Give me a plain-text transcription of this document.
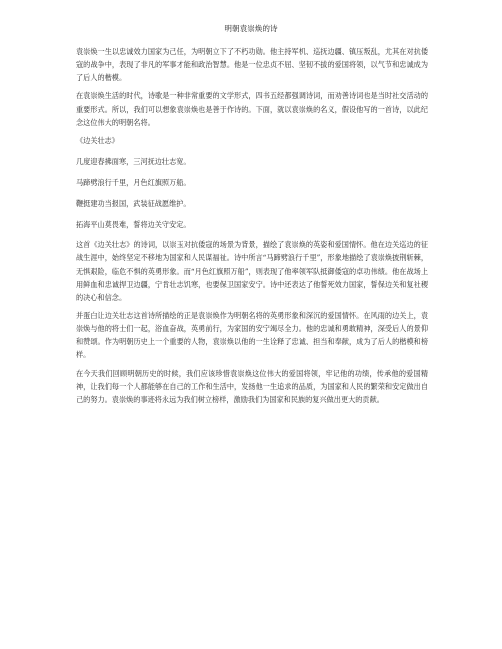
明朝袁崇焕的诗

袁崇焕一生以忠诚效力国家为己任，为明朝立下了不朽功勋。他主持军机、巡抚边疆、镇压叛乱，尤其在对抗倭寇的战争中，表现了非凡的军事才能和政治智慧。他是一位忠贞不屈、坚韧不拔的爱国将领，以气节和忠诚成为了后人的楷模。

在袁崇焕生活的时代，诗歌是一种非常重要的文学形式，四书五经都强调诗词，而劝善诗词也是当时社交活动的重要形式。所以，我们可以想象袁崇焕也是善于作诗的。下面，就以袁崇焕的名义，假设他写的一首诗，以此纪念这位伟大的明朝名将。

《边关壮志》

几度迎春拂面寒，三河抚边壮志宽。

马蹄劈浪行千里，月色红旗照万船。

鞭挺建功当报国，武装征战愿维护。

拓海平山莫畏难，誓将边关守安定。

这首《边关壮志》的诗词，以崇玉对抗倭寇的场景为背景，描绘了袁崇焕的英姿和爱国情怀。他在边关巡边的征战生涯中，始终坚定不移地为国家和人民谋福祉。诗中所言“马蹄劈浪行千里”，形象地描绘了袁崇焕披荆斩棘，无惧艰险，临危不惧的英勇形象。而“月色红旗照万船”，则表现了他率领军队抵御倭寇的卓功伟绩。他在战场上用鲜血和忠诚捍卫边疆，宁肯壮志饥寒，也要保卫国家安宁。诗中还表达了他誓死效力国家，誓保边关和复社稷的决心和信念。

并蛋白让边关壮志这首诗所描绘的正是袁崇焕作为明朝名将的英勇形象和深沉的爱国情怀。在风雨的边关上，袁崇焕与他的将士们一起，浴血奋战，英勇前行，为家国的安宁竭尽全力。他的忠诚和勇敢精神，深受后人的景仰和赞颂。作为明朝历史上一个重要的人物，袁崇焕以他的一生诠释了忠诚、担当和奉献，成为了后人的楷模和榜样。

在今天我们回顾明朝历史的时候，我们应该珍惜袁崇焕这位伟大的爱国将领，牢记他的功绩，传承他的爱国精神，让我们每一个人都能够在自己的工作和生活中，发扬他一生追求的品质，为国家和人民的繁荣和安定做出自己的努力。袁崇焕的事迹将永远为我们树立榜样，激励我们为国家和民族的复兴做出更大的贡献。
